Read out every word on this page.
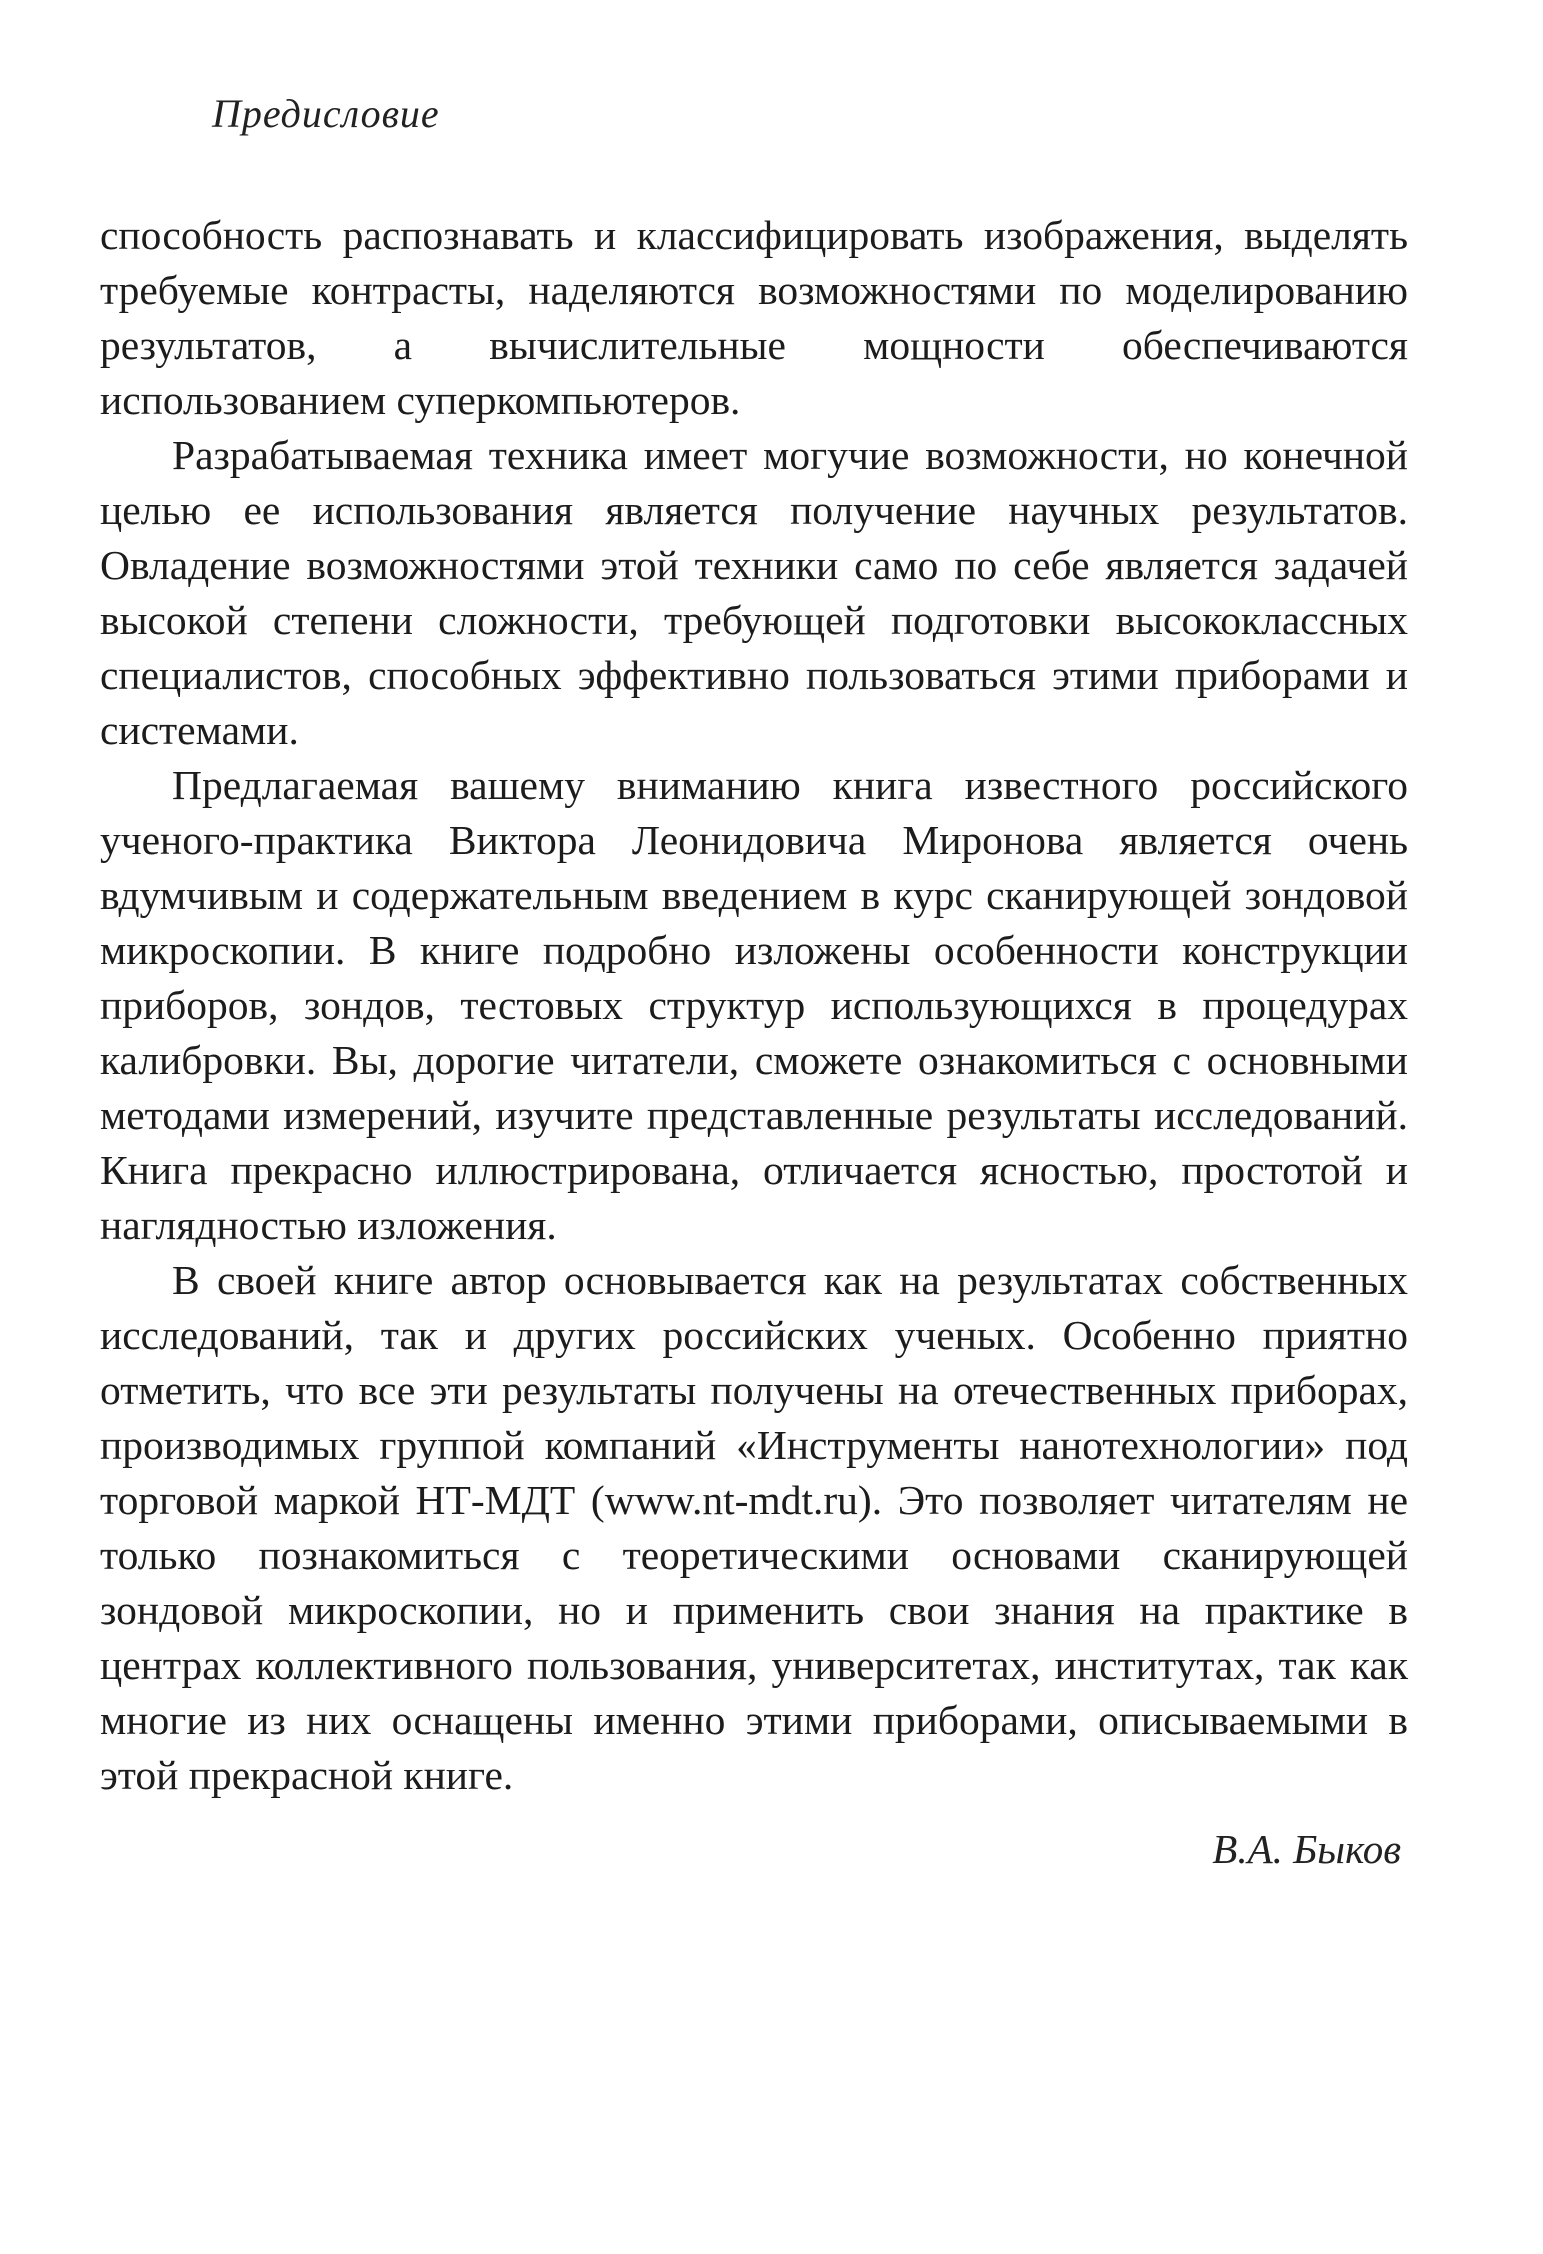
Предисловие

способность распознавать и классифицировать изображения, выделять требуемые контрасты, наделяются возможностями по моделированию результатов, а вычислительные мощности обеспечиваются использованием суперкомпьютеров.

Разрабатываемая техника имеет могучие возможности, но конечной целью ее использования является получение научных результатов. Овладение возможностями этой техники само по себе является задачей высокой степени сложности, требующей подготовки высококлассных специалистов, способных эффективно пользоваться этими приборами и системами.

Предлагаемая вашему вниманию книга известного российского ученого-практика Виктора Леонидовича Миронова является очень вдумчивым и содержательным введением в курс сканирующей зондовой микроскопии. В книге подробно изложены особенности конструкции приборов, зондов, тестовых структур использующихся в процедурах калибровки. Вы, дорогие читатели, сможете ознакомиться с основными методами измерений, изучите представленные результаты исследований. Книга прекрасно иллюстрирована, отличается ясностью, простотой и наглядностью изложения.

В своей книге автор основывается как на результатах собственных исследований, так и других российских ученых. Особенно приятно отметить, что все эти результаты получены на отечественных приборах, производимых группой компаний «Инструменты нанотехнологии» под торговой маркой НТ-МДТ (www.nt-mdt.ru). Это позволяет читателям не только познакомиться с теоретическими основами сканирующей зондовой микроскопии, но и применить свои знания на практике в центрах коллективного пользования, университетах, институтах, так как многие из них оснащены именно этими приборами, описываемыми в этой прекрасной книге.

В.А. Быков
